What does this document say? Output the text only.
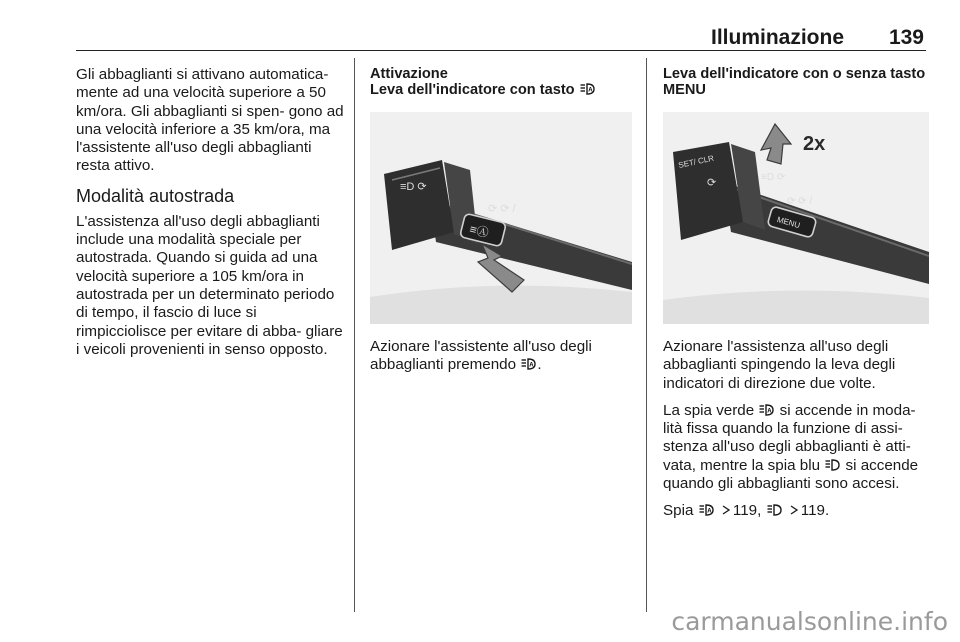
Illuminazione 139

Gli abbaglianti si attivano automatica- mente ad una velocità superiore a 50 km/ora. Gli abbaglianti si spen- gono ad una velocità inferiore a 35 km/ora, ma l'assistente all'uso degli abbaglianti resta attivo.

Modalità autostrada

L'assistenza all'uso degli abbaglianti include una modalità speciale per autostrada. Quando si guida ad una velocità superiore a 105 km/ora in autostrada per un determinato periodo di tempo, il fascio di luce si rimpicciolisce per evitare di abba- gliare i veicoli provenienti in senso opposto.

Attivazione
Leva dell'indicatore con tasto A
≡D ⟳
⟳ ⟳ /
≡Ⓐ

Azionare l'assistente all'uso degli abbaglianti premendo A .

Leva dell'indicatore con o senza tasto MENU
SET/ CLR
⟳	≡D ⟳
⟳ ⟳ /
MENU
2x

Azionare l'assistenza all'uso degli abbaglianti spingendo la leva degli indicatori di direzione due volte.

La spia verde A si accende in moda- lità fissa quando la funzione di assi- stenza all'uso degli abbaglianti è atti- vata, mentre la spia blu si accende quando gli abbaglianti sono accesi.

Spia A 119,	119.

carmanualsonline.info
